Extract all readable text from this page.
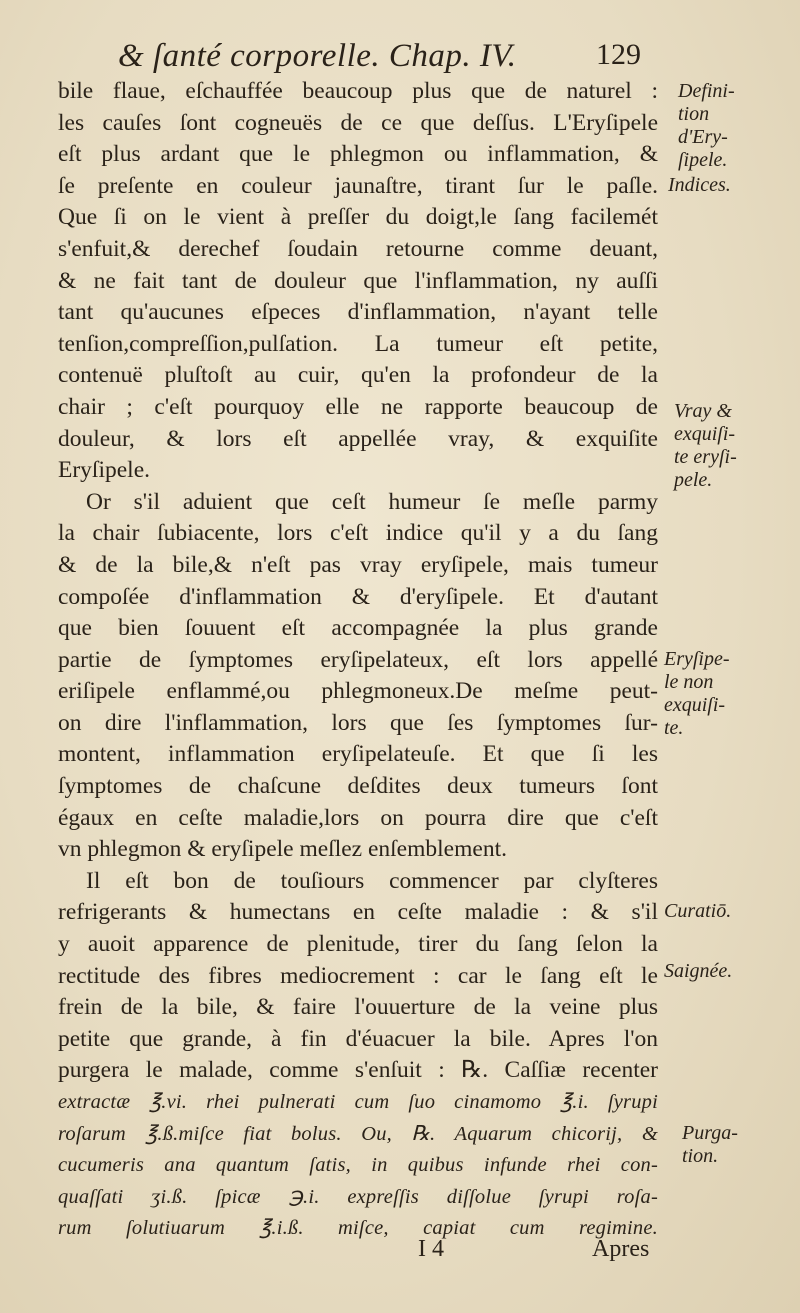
& ſanté corporelle. Chap. IV.	129
bile flaue, eſchauffée beaucoup plus que de naturel :
les cauſes ſont cogneuës de ce que deſſus. L'Eryſipele
eſt plus ardant que le phlegmon ou inflammation, &
ſe preſente en couleur jaunaſtre, tirant ſur le paſle.
Que ſi on le vient à preſſer du doigt,le ſang facilemét
s'enfuit,& derechef ſoudain retourne comme deuant,
& ne fait tant de douleur que l'inflammation, ny auſſi
tant qu'aucunes eſpeces d'inflammation, n'ayant telle
tenſion,compreſſion,pulſation. La tumeur eſt petite,
contenuë pluſtoſt au cuir, qu'en la profondeur de la
chair ; c'eſt pourquoy elle ne rapporte beaucoup de
douleur, & lors eſt appellée vray, & exquiſite
Eryſipele.
Or s'il aduient que ceſt humeur ſe meſle parmy
la chair ſubiacente, lors c'eſt indice qu'il y a du ſang
& de la bile,& n'eſt pas vray eryſipele, mais tumeur
compoſée d'inflammation & d'eryſipele. Et d'autant
que bien ſouuent eſt accompagnée la plus grande
partie de ſymptomes eryſipelateux, eſt lors appellé
eriſipele enflammé,ou phlegmoneux.De meſme peut-
on dire l'inflammation, lors que ſes ſymptomes ſur-
montent, inflammation eryſipelateuſe. Et que ſi les
ſymptomes de chaſcune deſdites deux tumeurs ſont
égaux en ceſte maladie,lors on pourra dire que c'eſt
vn phlegmon & eryſipele meſlez enſemblement.
Il eſt bon de touſiours commencer par clyſteres
refrigerants & humectans en ceſte maladie : & s'il
y auoit apparence de plenitude, tirer du ſang ſelon la
rectitude des fibres mediocrement : car le ſang eſt le
frein de la bile, & faire l'ouuerture de la veine plus
petite que grande, à fin d'éuacuer la bile. Apres l'on
purgera le malade, comme s'enſuit : ℞. Caſſiæ recenter
extractæ ℥.vi. rhei pulnerati cum ſuo cinamomo ℥.i. ſyrupi
roſarum ℥.ß.miſce fiat bolus. Ou, ℞. Aquarum chicorij, &
cucumeris ana quantum ſatis, in quibus infunde rhei con-
quaſſati ʒi.ß. ſpicæ ℈.i. expreſſis diſſolue ſyrupi roſa-
rum ſolutiuarum ℥.i.ß. miſce, capiat cum regimine.
Defini-
tion
d'Ery-
ſipele.
Indices.
Vray &
exquiſi-
te eryſi-
pele.
Eryſipe-
le non
exquiſi-
te.
Curatiō.
Saignée.
Purga-
tion.
I 4	Apres
